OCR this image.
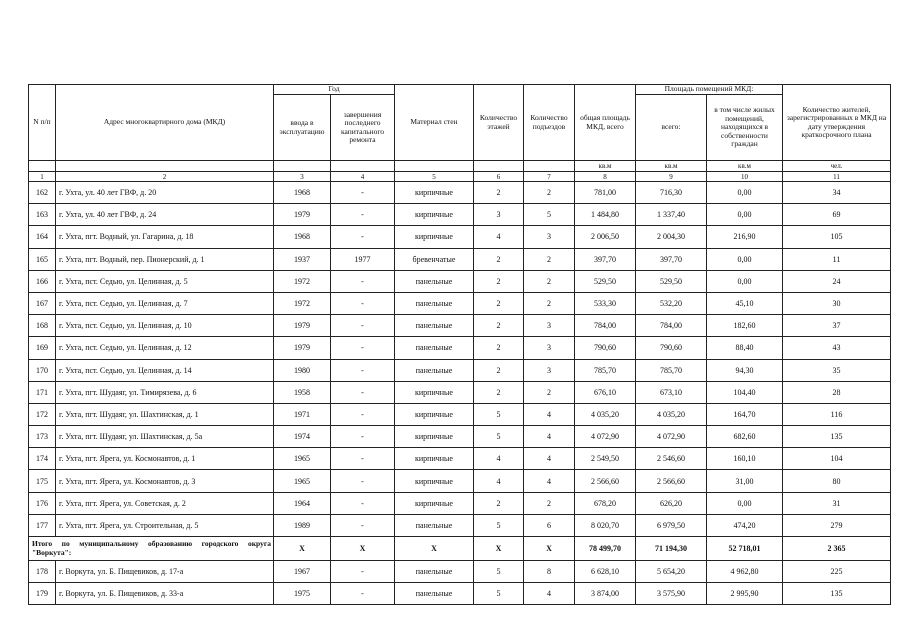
N п/п	Адрес многоквартирного дома (МКД)	Год		Материал стен	Количество этажей	Количество подъездов	общая площадь МКД, всего	Площадь помещений МКД:		Количество жителей, зарегистрированных в МКД на дату утверждения краткосрочного плана
		ввода в эксплуатацию	завершения последнего капитального ремонта					всего:	в том числе жилых помещений, находящихся в собственности граждан	
							кв.м	кв.м	кв.м	чел.
1	2	3	4	5	6	7	8	9	10	11
162	г. Ухта, ул. 40 лет ГВФ, д. 20	1968	-	кирпичные	2	2	781,00	716,30	0,00	34
163	г. Ухта, ул. 40 лет ГВФ, д. 24	1979	-	кирпичные	3	5	1 484,80	1 337,40	0,00	69
164	г. Ухта, пгт. Водный, ул. Гагарина, д. 18	1968	-	кирпичные	4	3	2 006,50	2 004,30	216,90	105
165	г. Ухта, пгт. Водный, пер. Пионерский, д. 1	1937	1977	бревенчатые	2	2	397,70	397,70	0,00	11
166	г. Ухта, пст. Седью, ул. Целинная, д. 5	1972	-	панельные	2	2	529,50	529,50	0,00	24
167	г. Ухта, пст. Седью, ул. Целинная, д. 7	1972	-	панельные	2	2	533,30	532,20	45,10	30
168	г. Ухта, пст. Седью, ул. Целинная, д. 10	1979	-	панельные	2	3	784,00	784,00	182,60	37
169	г. Ухта, пст. Седью, ул. Целинная, д. 12	1979	-	панельные	2	3	790,60	790,60	88,40	43
170	г. Ухта, пст. Седью, ул. Целинная, д. 14	1980	-	панельные	2	3	785,70	785,70	94,30	35
171	г. Ухта, пгт. Шудаяг, ул. Тимирязева, д. 6	1958	-	кирпичные	2	2	676,10	673,10	104,40	28
172	г. Ухта, пгт. Шудаяг, ул. Шахтинская, д. 1	1971	-	кирпичные	5	4	4 035,20	4 035,20	164,70	116
173	г. Ухта, пгт. Шудаяг, ул. Шахтинская, д. 5а	1974	-	кирпичные	5	4	4 072,90	4 072,90	682,60	135
174	г. Ухта, пгт. Ярега, ул. Космонавтов, д. 1	1965	-	кирпичные	4	4	2 549,50	2 546,60	160,10	104
175	г. Ухта, пгт. Ярега, ул. Космонавтов, д. 3	1965	-	кирпичные	4	4	2 566,60	2 566,60	31,00	80
176	г. Ухта, пгт. Ярега, ул. Советская, д. 2	1964	-	кирпичные	2	2	678,20	626,20	0,00	31
177	г. Ухта, пгт. Ярега, ул. Строительная, д. 5	1989	-	панельные	5	6	8 020,70	6 979,50	474,20	279
Итого по муниципальному образованию городского округа "Воркута":		Х	Х	Х	Х	Х	78 499,70	71 194,30	52 718,01	2 365
178	г. Воркута, ул. Б. Пищевиков, д. 17-а	1967	-	панельные	5	8	6 628,10	5 654,20	4 962,80	225
179	г. Воркута, ул. Б. Пищевиков, д. 33-а	1975	-	панельные	5	4	3 874,00	3 575,90	2 995,90	135
